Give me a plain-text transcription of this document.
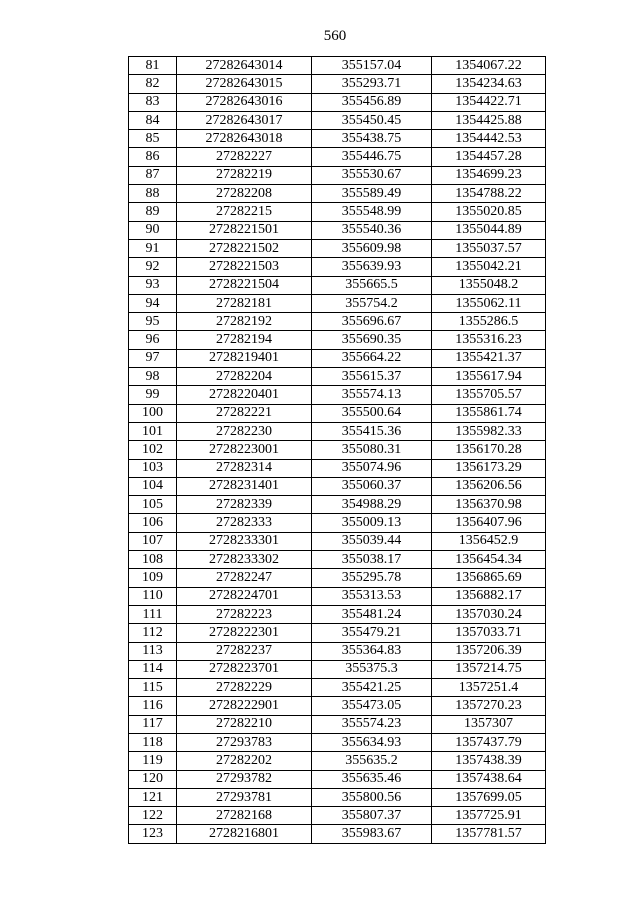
560
81	27282643014	355157.04	1354067.22
82	27282643015	355293.71	1354234.63
83	27282643016	355456.89	1354422.71
84	27282643017	355450.45	1354425.88
85	27282643018	355438.75	1354442.53
86	27282227	355446.75	1354457.28
87	27282219	355530.67	1354699.23
88	27282208	355589.49	1354788.22
89	27282215	355548.99	1355020.85
90	2728221501	355540.36	1355044.89
91	2728221502	355609.98	1355037.57
92	2728221503	355639.93	1355042.21
93	2728221504	355665.5	1355048.2
94	27282181	355754.2	1355062.11
95	27282192	355696.67	1355286.5
96	27282194	355690.35	1355316.23
97	2728219401	355664.22	1355421.37
98	27282204	355615.37	1355617.94
99	2728220401	355574.13	1355705.57
100	27282221	355500.64	1355861.74
101	27282230	355415.36	1355982.33
102	2728223001	355080.31	1356170.28
103	27282314	355074.96	1356173.29
104	2728231401	355060.37	1356206.56
105	27282339	354988.29	1356370.98
106	27282333	355009.13	1356407.96
107	2728233301	355039.44	1356452.9
108	2728233302	355038.17	1356454.34
109	27282247	355295.78	1356865.69
110	2728224701	355313.53	1356882.17
111	27282223	355481.24	1357030.24
112	2728222301	355479.21	1357033.71
113	27282237	355364.83	1357206.39
114	2728223701	355375.3	1357214.75
115	27282229	355421.25	1357251.4
116	2728222901	355473.05	1357270.23
117	27282210	355574.23	1357307
118	27293783	355634.93	1357437.79
119	27282202	355635.2	1357438.39
120	27293782	355635.46	1357438.64
121	27293781	355800.56	1357699.05
122	27282168	355807.37	1357725.91
123	2728216801	355983.67	1357781.57
